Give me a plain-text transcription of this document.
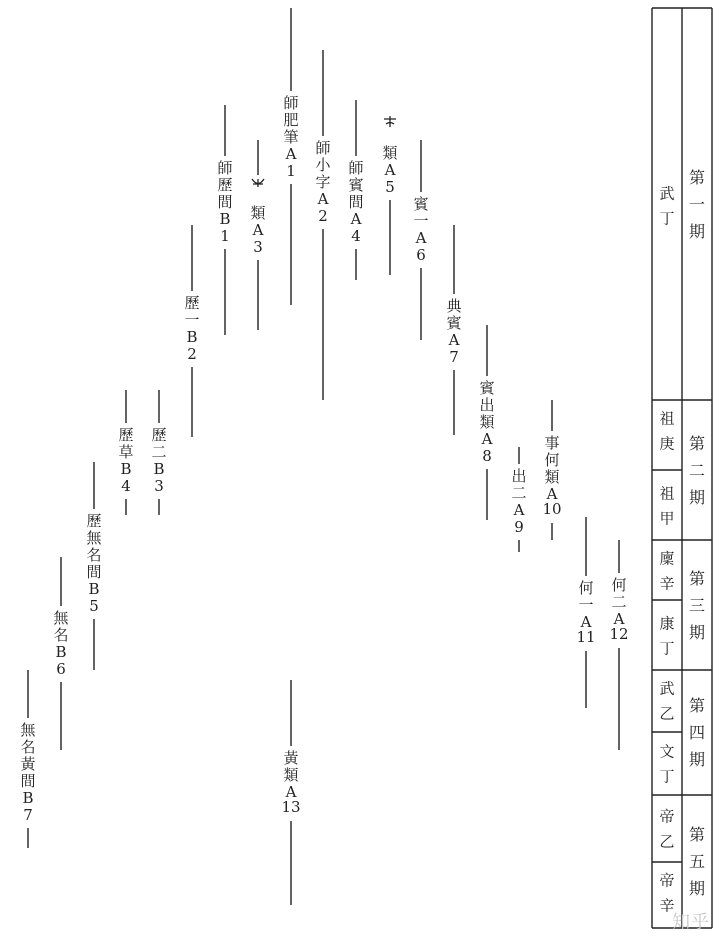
師肥筆 A 1
師小字 A 2
類 A 3
師賓間 A 4
類 A 5
賓一 A 6
典賓 A 7
賓出類 A 8
出二 A 9
事何類 A 10
何一 A 11
何二 A 12
黃類 A 13
師歷間 B 1
歷一 B 2
歷二 B 3
歷草 B 4
歷無名間 B 5
無名 B 6
無名黃間 B 7
武丁
祖庚
祖甲
廩辛
康丁
武乙
文丁
帝乙
帝辛
第一期
第二期
第三期
第四期
第五期
知乎
